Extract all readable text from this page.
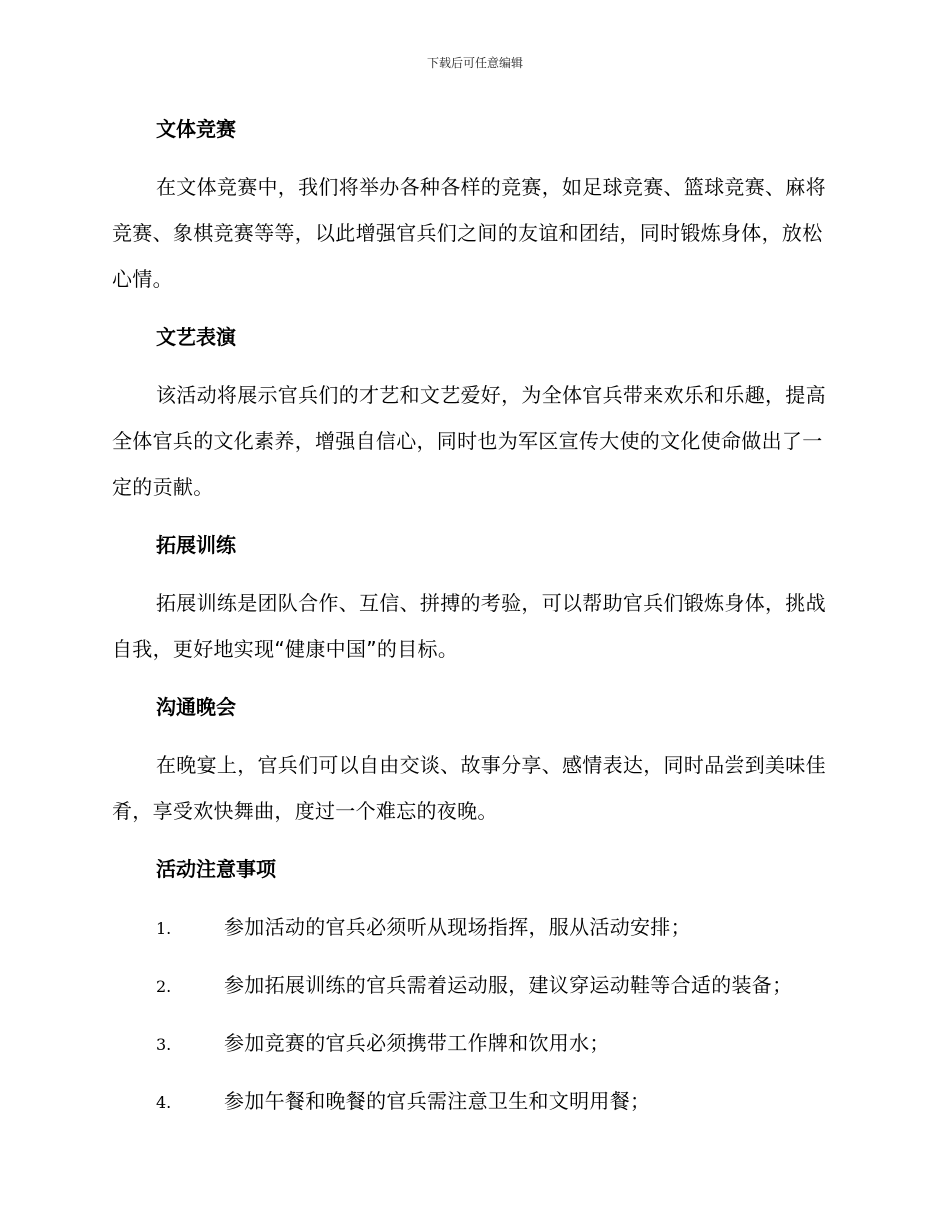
下载后可任意编辑
文体竞赛

在文体竞赛中，我们将举办各种各样的竞赛，如足球竞赛、篮球竞赛、麻将竞赛、象棋竞赛等等，以此增强官兵们之间的友谊和团结，同时锻炼身体，放松心情。

文艺表演

该活动将展示官兵们的才艺和文艺爱好，为全体官兵带来欢乐和乐趣，提高全体官兵的文化素养，增强自信心，同时也为军区宣传大使的文化使命做出了一定的贡献。

拓展训练

拓展训练是团队合作、互信、拼搏的考验，可以帮助官兵们锻炼身体，挑战自我，更好地实现“健康中国”的目标。

沟通晚会

在晚宴上，官兵们可以自由交谈、故事分享、感情表达，同时品尝到美味佳肴，享受欢快舞曲，度过一个难忘的夜晚。

活动注意事项
1.	参加活动的官兵必须听从现场指挥，服从活动安排；
2.	参加拓展训练的官兵需着运动服，建议穿运动鞋等合适的装备；
3.	参加竞赛的官兵必须携带工作牌和饮用水；
4.	参加午餐和晚餐的官兵需注意卫生和文明用餐；
